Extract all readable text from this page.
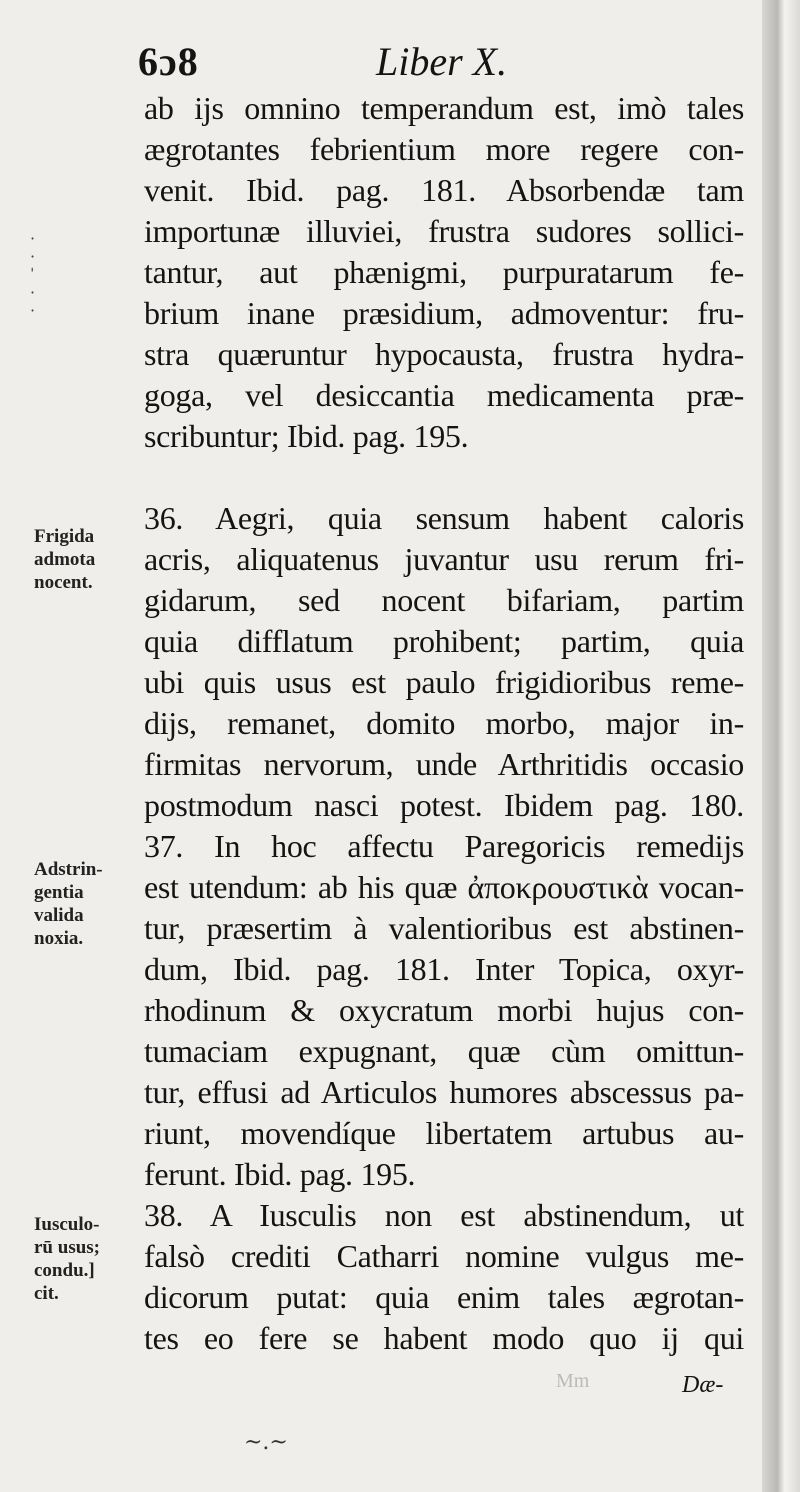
·
·
ˈ
·
·
6ɔ8	Liber X.
ab ijs omnino temperandum est, imò tales
ægrotantes febrientium more regere con-
venit. Ibid. pag. 181. Absorbendæ tam
importunæ illuviei, frustra sudores sollici-
tantur, aut phænigmi, purpuratarum fe-
brium inane præsidium, admoventur: fru-
stra quæruntur hypocausta, frustra hydra-
goga, vel desiccantia medicamenta præ-
scribuntur; Ibid. pag. 195.
36. Aegri, quia sensum habent caloris
acris, aliquatenus juvantur usu rerum fri-
gidarum, sed nocent bifariam, partim
quia difflatum prohibent; partim, quia
ubi quis usus est paulo frigidioribus reme-
dijs, remanet, domito morbo, major in-
firmitas nervorum, unde Arthritidis occasio
postmodum nasci potest. Ibidem pag. 180.
37. In hoc affectu Paregoricis remedijs
est utendum: ab his quæ ἀποκρουστικὰ vocan-
tur, præsertim à valentioribus est abstinen-
dum, Ibid. pag. 181. Inter Topica, oxyr-
rhodinum & oxycratum morbi hujus con-
tumaciam expugnant, quæ cùm omittun-
tur, effusi ad Articulos humores abscessus pa-
riunt, movendíque libertatem artubus au-
ferunt. Ibid. pag. 195.
38. A Iusculis non est abstinendum, ut
falsò crediti Catharri nomine vulgus me-
dicorum putat: quia enim tales ægrotan-
tes eo fere se habent modo quo ij qui
Frigida
admota
nocent.
Adstrin-
gentia
valida
noxia.
Iusculo-
rū usus;
condu.]
cit.
Mm	Dæ-
~.~
